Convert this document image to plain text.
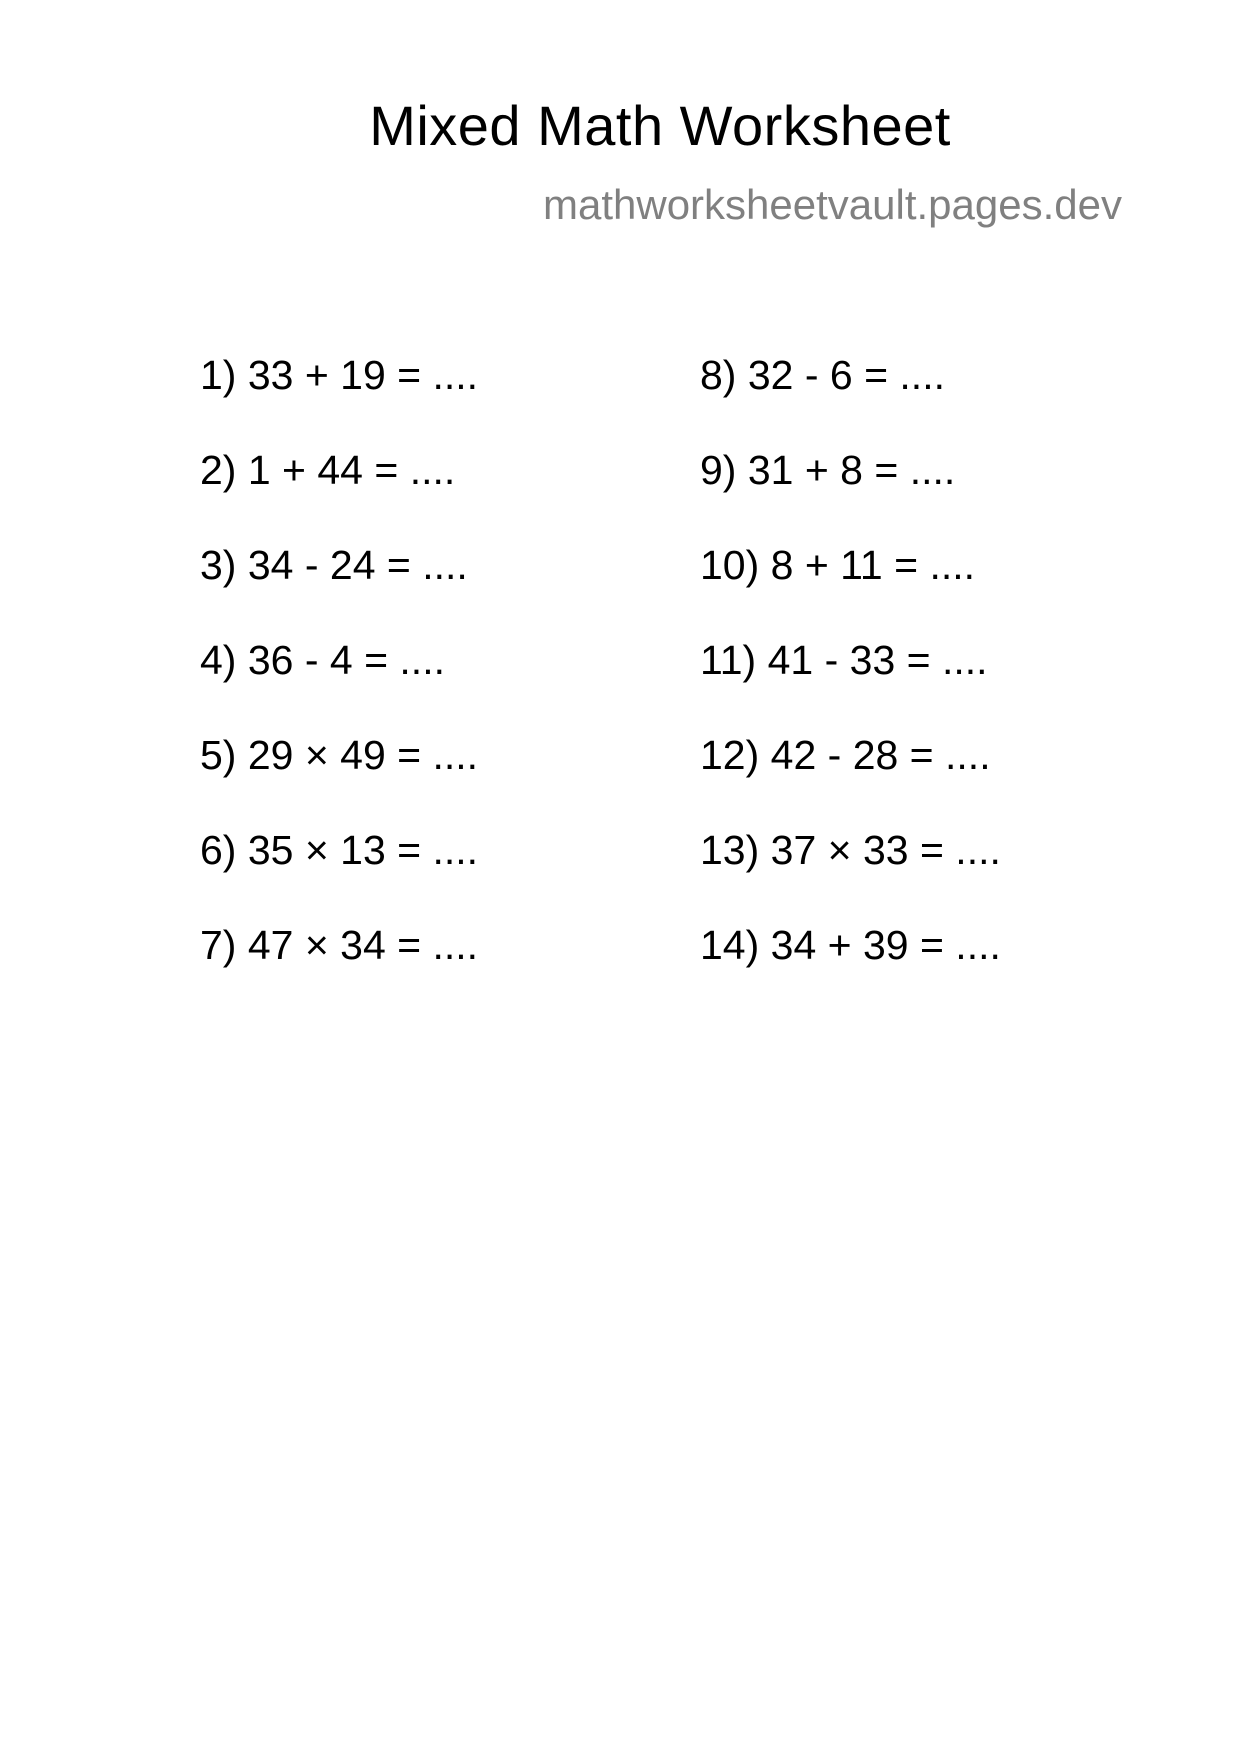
Mixed Math Worksheet
mathworksheetvault.pages.dev
1) 33 + 19 = ....
2) 1 + 44 = ....
3) 34 - 24 = ....
4) 36 - 4 = ....
5) 29 × 49 = ....
6) 35 × 13 = ....
7) 47 × 34 = ....
8) 32 - 6 = ....
9) 31 + 8 = ....
10) 8 + 11 = ....
11) 41 - 33 = ....
12) 42 - 28 = ....
13) 37 × 33 = ....
14) 34 + 39 = ....
